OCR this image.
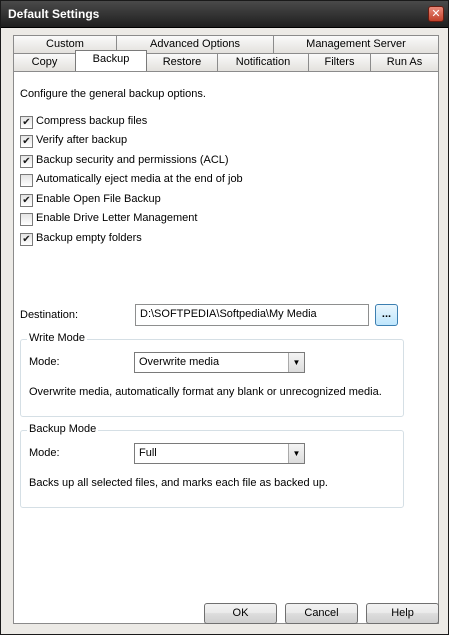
Default Settings	✕
Custom	Advanced Options	Management Server
Copy	Backup	Restore	Notification	Filters	Run As
Configure the general backup options.
✔ Compress backup files
✔ Verify after backup
✔ Backup security and permissions (ACL)
Automatically eject media at the end of job
✔ Enable Open File Backup
Enable Drive Letter Management
✔ Backup empty folders
Destination:	D:\SOFTPEDIA\Softpedia\My Media	...
Write Mode
Mode:	Overwrite media	▼
Overwrite media, automatically format any blank or unrecognized media.
Backup Mode
Mode:	Full	▼
Backs up all selected files, and marks each file as backed up.
OK	Cancel	Help
